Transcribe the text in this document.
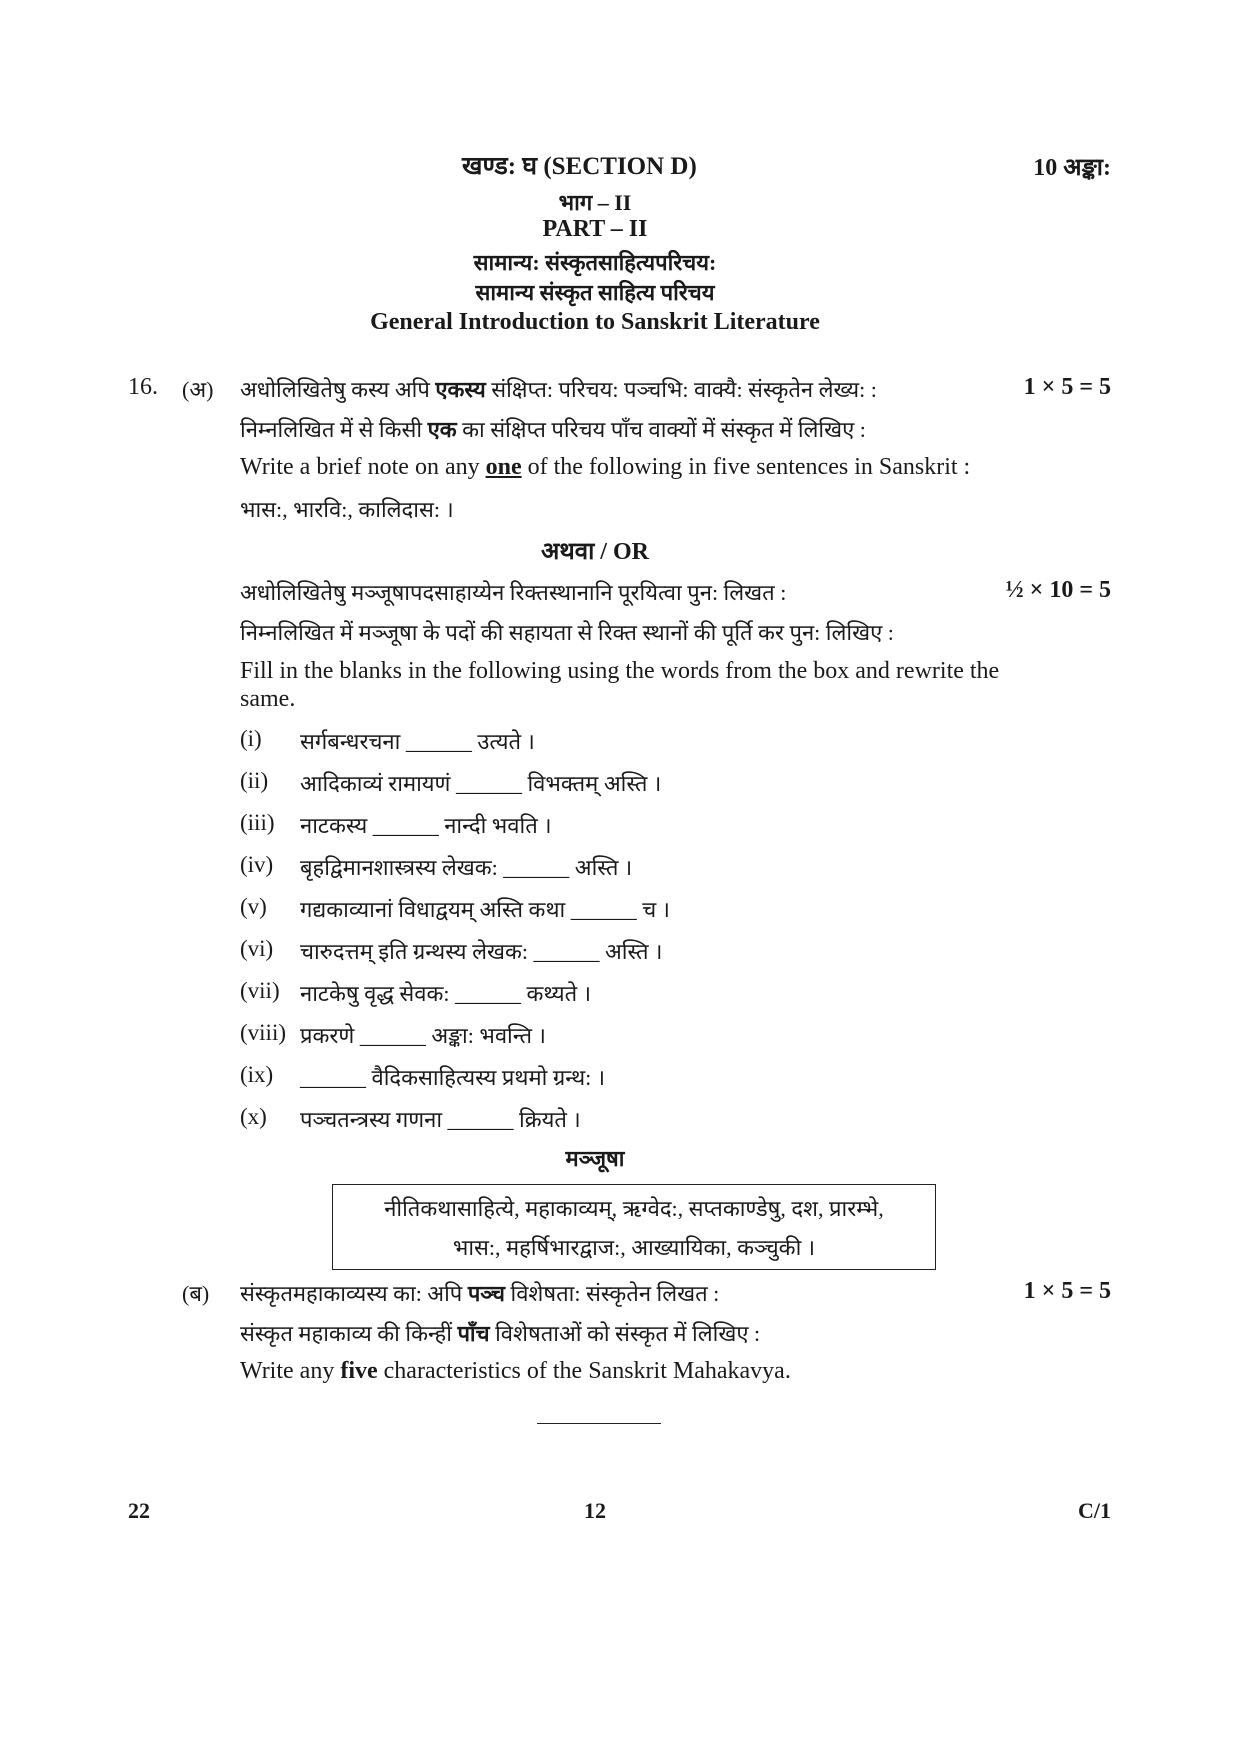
खण्ड: घ (SECTION D)	10 अङ्का:
भाग – II
PART – II
सामान्य: संस्कृतसाहित्यपरिचय:
सामान्य संस्कृत साहित्य परिचय
General Introduction to Sanskrit Literature
16. (अ) अधोलिखितेषु कस्य अपि एकस्य संक्षिप्त: परिचय: पञ्चभि: वाक्यै: संस्कृतेन लेख्य: :	1 × 5 = 5
निम्नलिखित में से किसी एक का संक्षिप्त परिचय पाँच वाक्यों में संस्कृत में लिखिए :
Write a brief note on any one of the following in five sentences in Sanskrit :
भास:, भारवि:, कालिदास: ।
अथवा / OR
अधोलिखितेषु मञ्जूषापदसाहाय्येन रिक्तस्थानानि पूरयित्वा पुन: लिखत :	½ × 10 = 5
निम्नलिखित में मञ्जूषा के पदों की सहायता से रिक्त स्थानों की पूर्ति कर पुन: लिखिए :
Fill in the blanks in the following using the words from the box and rewrite the
same.
(i) सर्गबन्धरचना ______ उत्यते ।
(ii) आदिकाव्यं रामायणं ______ विभक्तम् अस्ति ।
(iii) नाटकस्य ______ नान्दी भवति ।
(iv) बृहद्विमानशास्त्रस्य लेखक: ______ अस्ति ।
(v) गद्यकाव्यानां विधाद्वयम् अस्ति कथा ______ च ।
(vi) चारुदत्तम् इति ग्रन्थस्य लेखक: ______ अस्ति ।
(vii) नाटकेषु वृद्ध सेवक: ______ कथ्यते ।
(viii) प्रकरणे ______ अङ्का: भवन्ति ।
(ix) ______ वैदिकसाहित्यस्य प्रथमो ग्रन्थ: ।
(x) पञ्चतन्त्रस्य गणना ______ क्रियते ।
मञ्जूषा
नीतिकथासाहित्ये, महाकाव्यम्, ऋग्वेद:, सप्तकाण्डेषु, दश, प्रारम्भे,
भास:, महर्षिभारद्वाज:, आख्यायिका, कञ्चुकी ।
(ब) संस्कृतमहाकाव्यस्य का: अपि पञ्च विशेषता: संस्कृतेन लिखत :	1 × 5 = 5
संस्कृत महाकाव्य की किन्हीं पाँच विशेषताओं को संस्कृत में लिखिए :
Write any five characteristics of the Sanskrit Mahakavya.
22	12	C/1
